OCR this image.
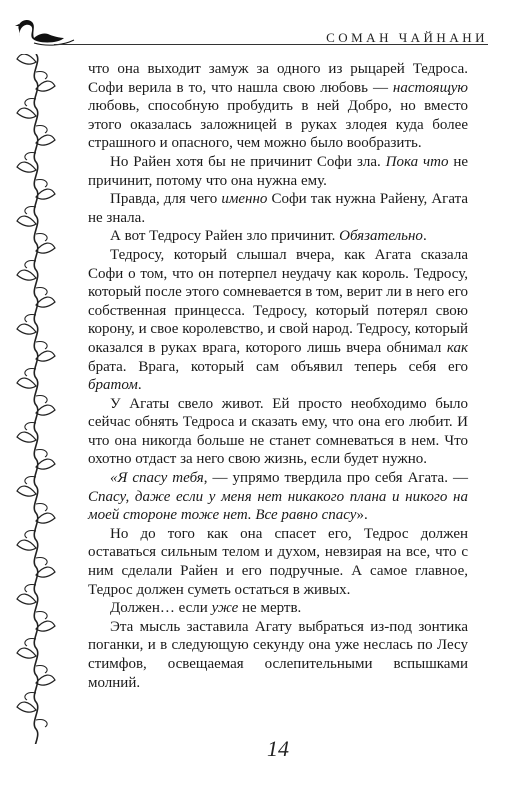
СОМАН ЧАЙНАНИ

что она выходит замуж за одного из рыцарей Тедроса. Софи верила в то, что нашла свою любовь — настоящую любовь, способную пробудить в ней Добро, но вместо этого оказалась заложницей в руках злодея куда более страшного и опасного, чем можно было вообразить.

Но Райен хотя бы не причинит Софи зла. Пока что не причинит, потому что она нужна ему.

Правда, для чего именно Софи так нужна Райену, Агата не знала.

А вот Тедросу Райен зло причинит. Обязательно.

Тедросу, который слышал вчера, как Агата сказала Софи о том, что он потерпел неудачу как король. Тедросу, который после этого сомневается в том, верит ли в него его собственная принцесса. Тедросу, который потерял свою корону, и свое королевство, и свой народ. Тедросу, который оказался в руках врага, которого лишь вчера обнимал как брата. Врага, который сам объявил теперь себя его братом.

У Агаты свело живот. Ей просто необходимо было сейчас обнять Тедроса и сказать ему, что она его любит. И что она никогда больше не станет сомневаться в нем. Что охотно отдаст за него свою жизнь, если будет нужно.

«Я спасу тебя, — упрямо твердила про себя Агата. — Спасу, даже если у меня нет никакого плана и никого на моей стороне тоже нет. Все равно спасу».

Но до того как она спасет его, Тедрос должен оставаться сильным телом и духом, невзирая на все, что с ним сделали Райен и его подручные. А самое главное, Тедрос должен суметь остаться в живых.

Должен… если уже не мертв.

Эта мысль заставила Агату выбраться из-под зонтика поганки, и в следующую секунду она уже неслась по Лесу стимфов, освещаемая ослепительными вспышками молний.

14
